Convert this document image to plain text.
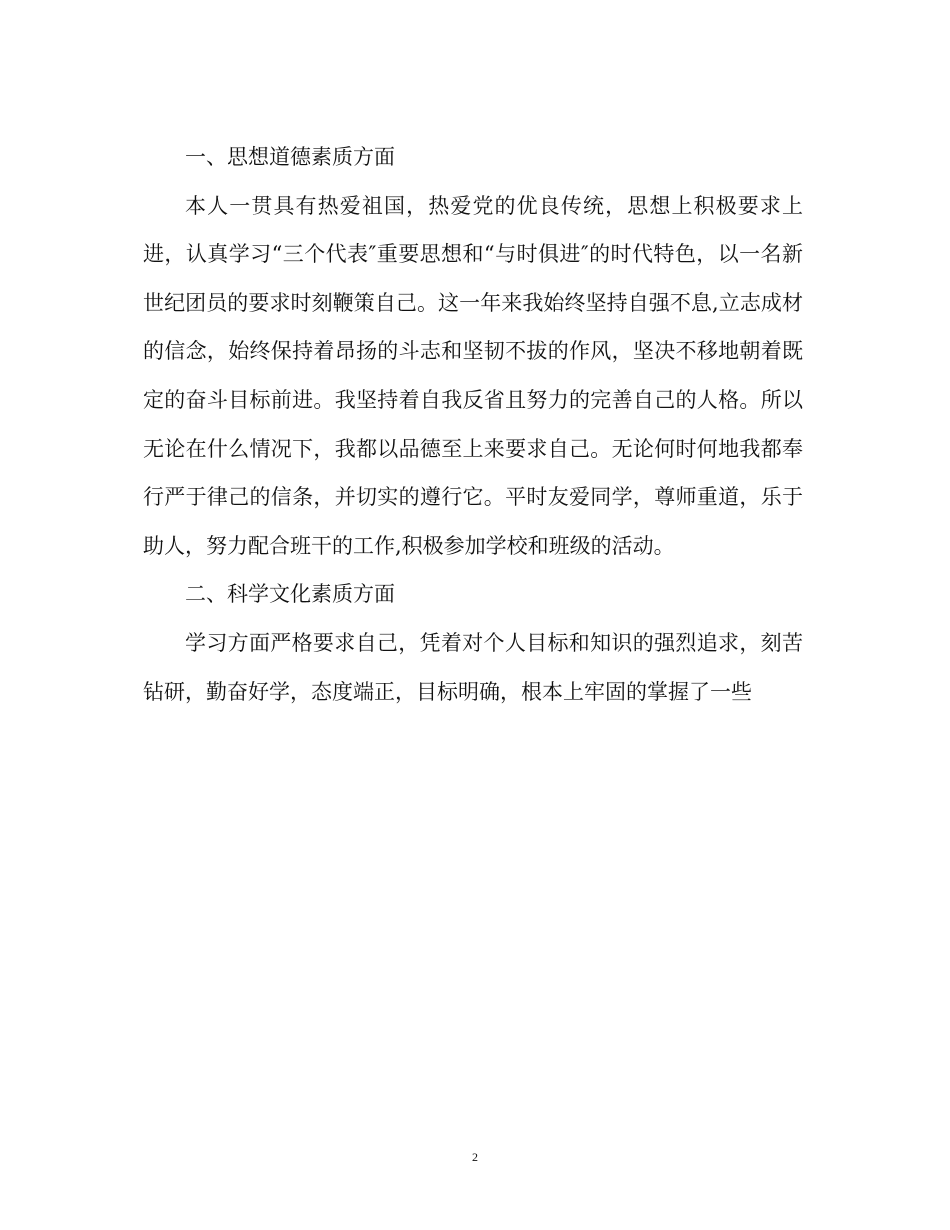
一、思想道德素质方面

本人一贯具有热爱祖国，热爱党的优良传统，思想上积极要求上进，认真学习“三个代表″重要思想和“与时俱进″的时代特色，以一名新世纪团员的要求时刻鞭策自己。这一年来我始终坚持自强不息,立志成材的信念，始终保持着昂扬的斗志和坚韧不拔的作风，坚决不移地朝着既定的奋斗目标前进。我坚持着自我反省且努力的完善自己的人格。所以无论在什么情况下，我都以品德至上来要求自己。无论何时何地我都奉行严于律己的信条，并切实的遵行它。平时友爱同学，尊师重道，乐于助人，努力配合班干的工作,积极参加学校和班级的活动。

二、科学文化素质方面

学习方面严格要求自己，凭着对个人目标和知识的强烈追求，刻苦钻研，勤奋好学，态度端正，目标明确，根本上牢固的掌握了一些

2
